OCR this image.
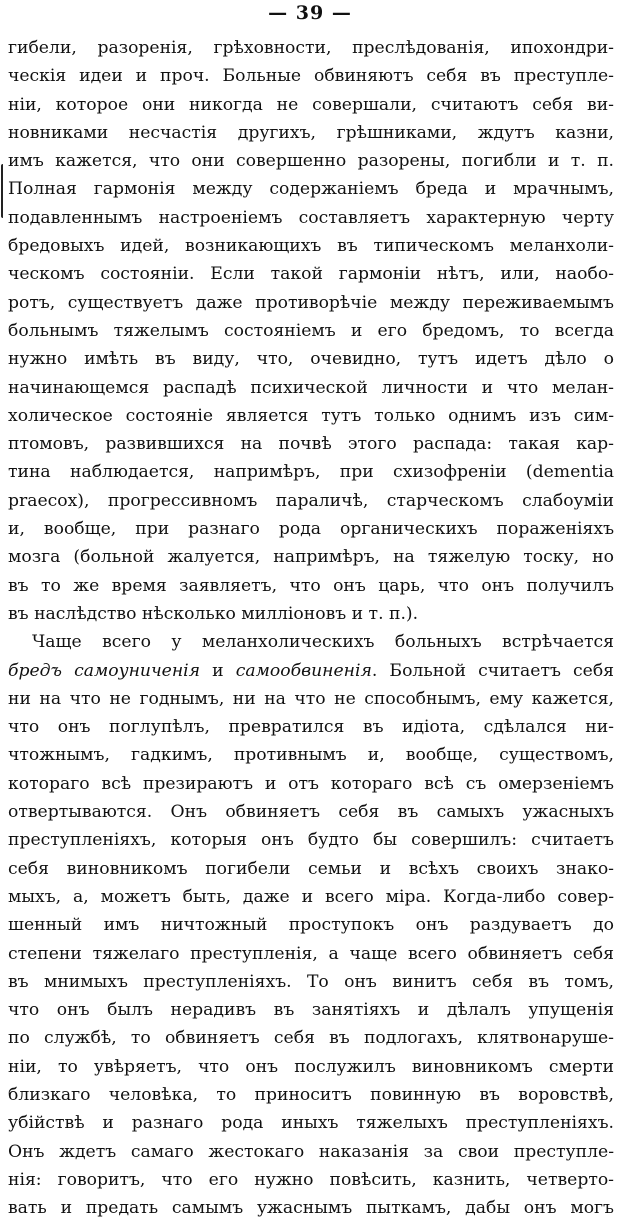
— 39 —
гибели, разоренія, грѣховности, преслѣдованія, ипохондри-
ческія идеи и проч. Больные обвиняютъ себя въ преступле-
ніи, которое они никогда не совершали, считаютъ себя ви-
новниками несчастія другихъ, грѣшниками, ждутъ казни,
имъ кажется, что они совершенно разорены, погибли и т. п.
Полная гармонія между содержаніемъ бреда и мрачнымъ,
подавленнымъ настроеніемъ составляетъ характерную черту
бредовыхъ идей, возникающихъ въ типическомъ меланхоли-
ческомъ состояніи. Если такой гармоніи нѣтъ, или, наобо-
ротъ, существуетъ даже противорѣчіе между переживаемымъ
больнымъ тяжелымъ состояніемъ и его бредомъ, то всегда
нужно имѣть въ виду, что, очевидно, тутъ идетъ дѣло о
начинающемся распадѣ психической личности и что мелан-
холическое состояніе является тутъ только однимъ изъ сим-
птомовъ, развившихся на почвѣ этого распада: такая кар-
тина наблюдается, напримѣръ, при схизофреніи (dementia
praecox), прогрессивномъ параличѣ, старческомъ слабоуміи
и, вообще, при разнаго рода органическихъ пораженіяхъ
мозга (больной жалуется, напримѣръ, на тяжелую тоску, но
въ то же время заявляетъ, что онъ царь, что онъ получилъ
въ наслѣдство нѣсколько милліоновъ и т. п.).
Чаще всего у меланхолическихъ больныхъ встрѣчается
бредъ самоуниченія и самообвиненія. Больной считаетъ себя
ни на что не годнымъ, ни на что не способнымъ, ему кажется,
что онъ поглупѣлъ, превратился въ идіота, сдѣлался ни-
чтожнымъ, гадкимъ, противнымъ и, вообще, существомъ,
котораго всѣ презираютъ и отъ котораго всѣ съ омерзеніемъ
отвертываются. Онъ обвиняетъ себя въ самыхъ ужасныхъ
преступленіяхъ, которыя онъ будто бы совершилъ: считаетъ
себя виновникомъ погибели семьи и всѣхъ своихъ знако-
мыхъ, а, можетъ быть, даже и всего міра. Когда-либо совер-
шенный имъ ничтожный проступокъ онъ раздуваетъ до
степени тяжелаго преступленія, а чаще всего обвиняетъ себя
въ мнимыхъ преступленіяхъ. То онъ винитъ себя въ томъ,
что онъ былъ нерадивъ въ занятіяхъ и дѣлалъ упущенія
по службѣ, то обвиняетъ себя въ подлогахъ, клятвонаруше-
ніи, то увѣряетъ, что онъ послужилъ виновникомъ смерти
близкаго человѣка, то приноситъ повинную въ воровствѣ,
убійствѣ и разнаго рода иныхъ тяжелыхъ преступленіяхъ.
Онъ ждетъ самаго жестокаго наказанія за свои преступле-
нія: говоритъ, что его нужно повѣсить, казнить, четверто-
вать и предать самымъ ужаснымъ пыткамъ, дабы онъ могъ
